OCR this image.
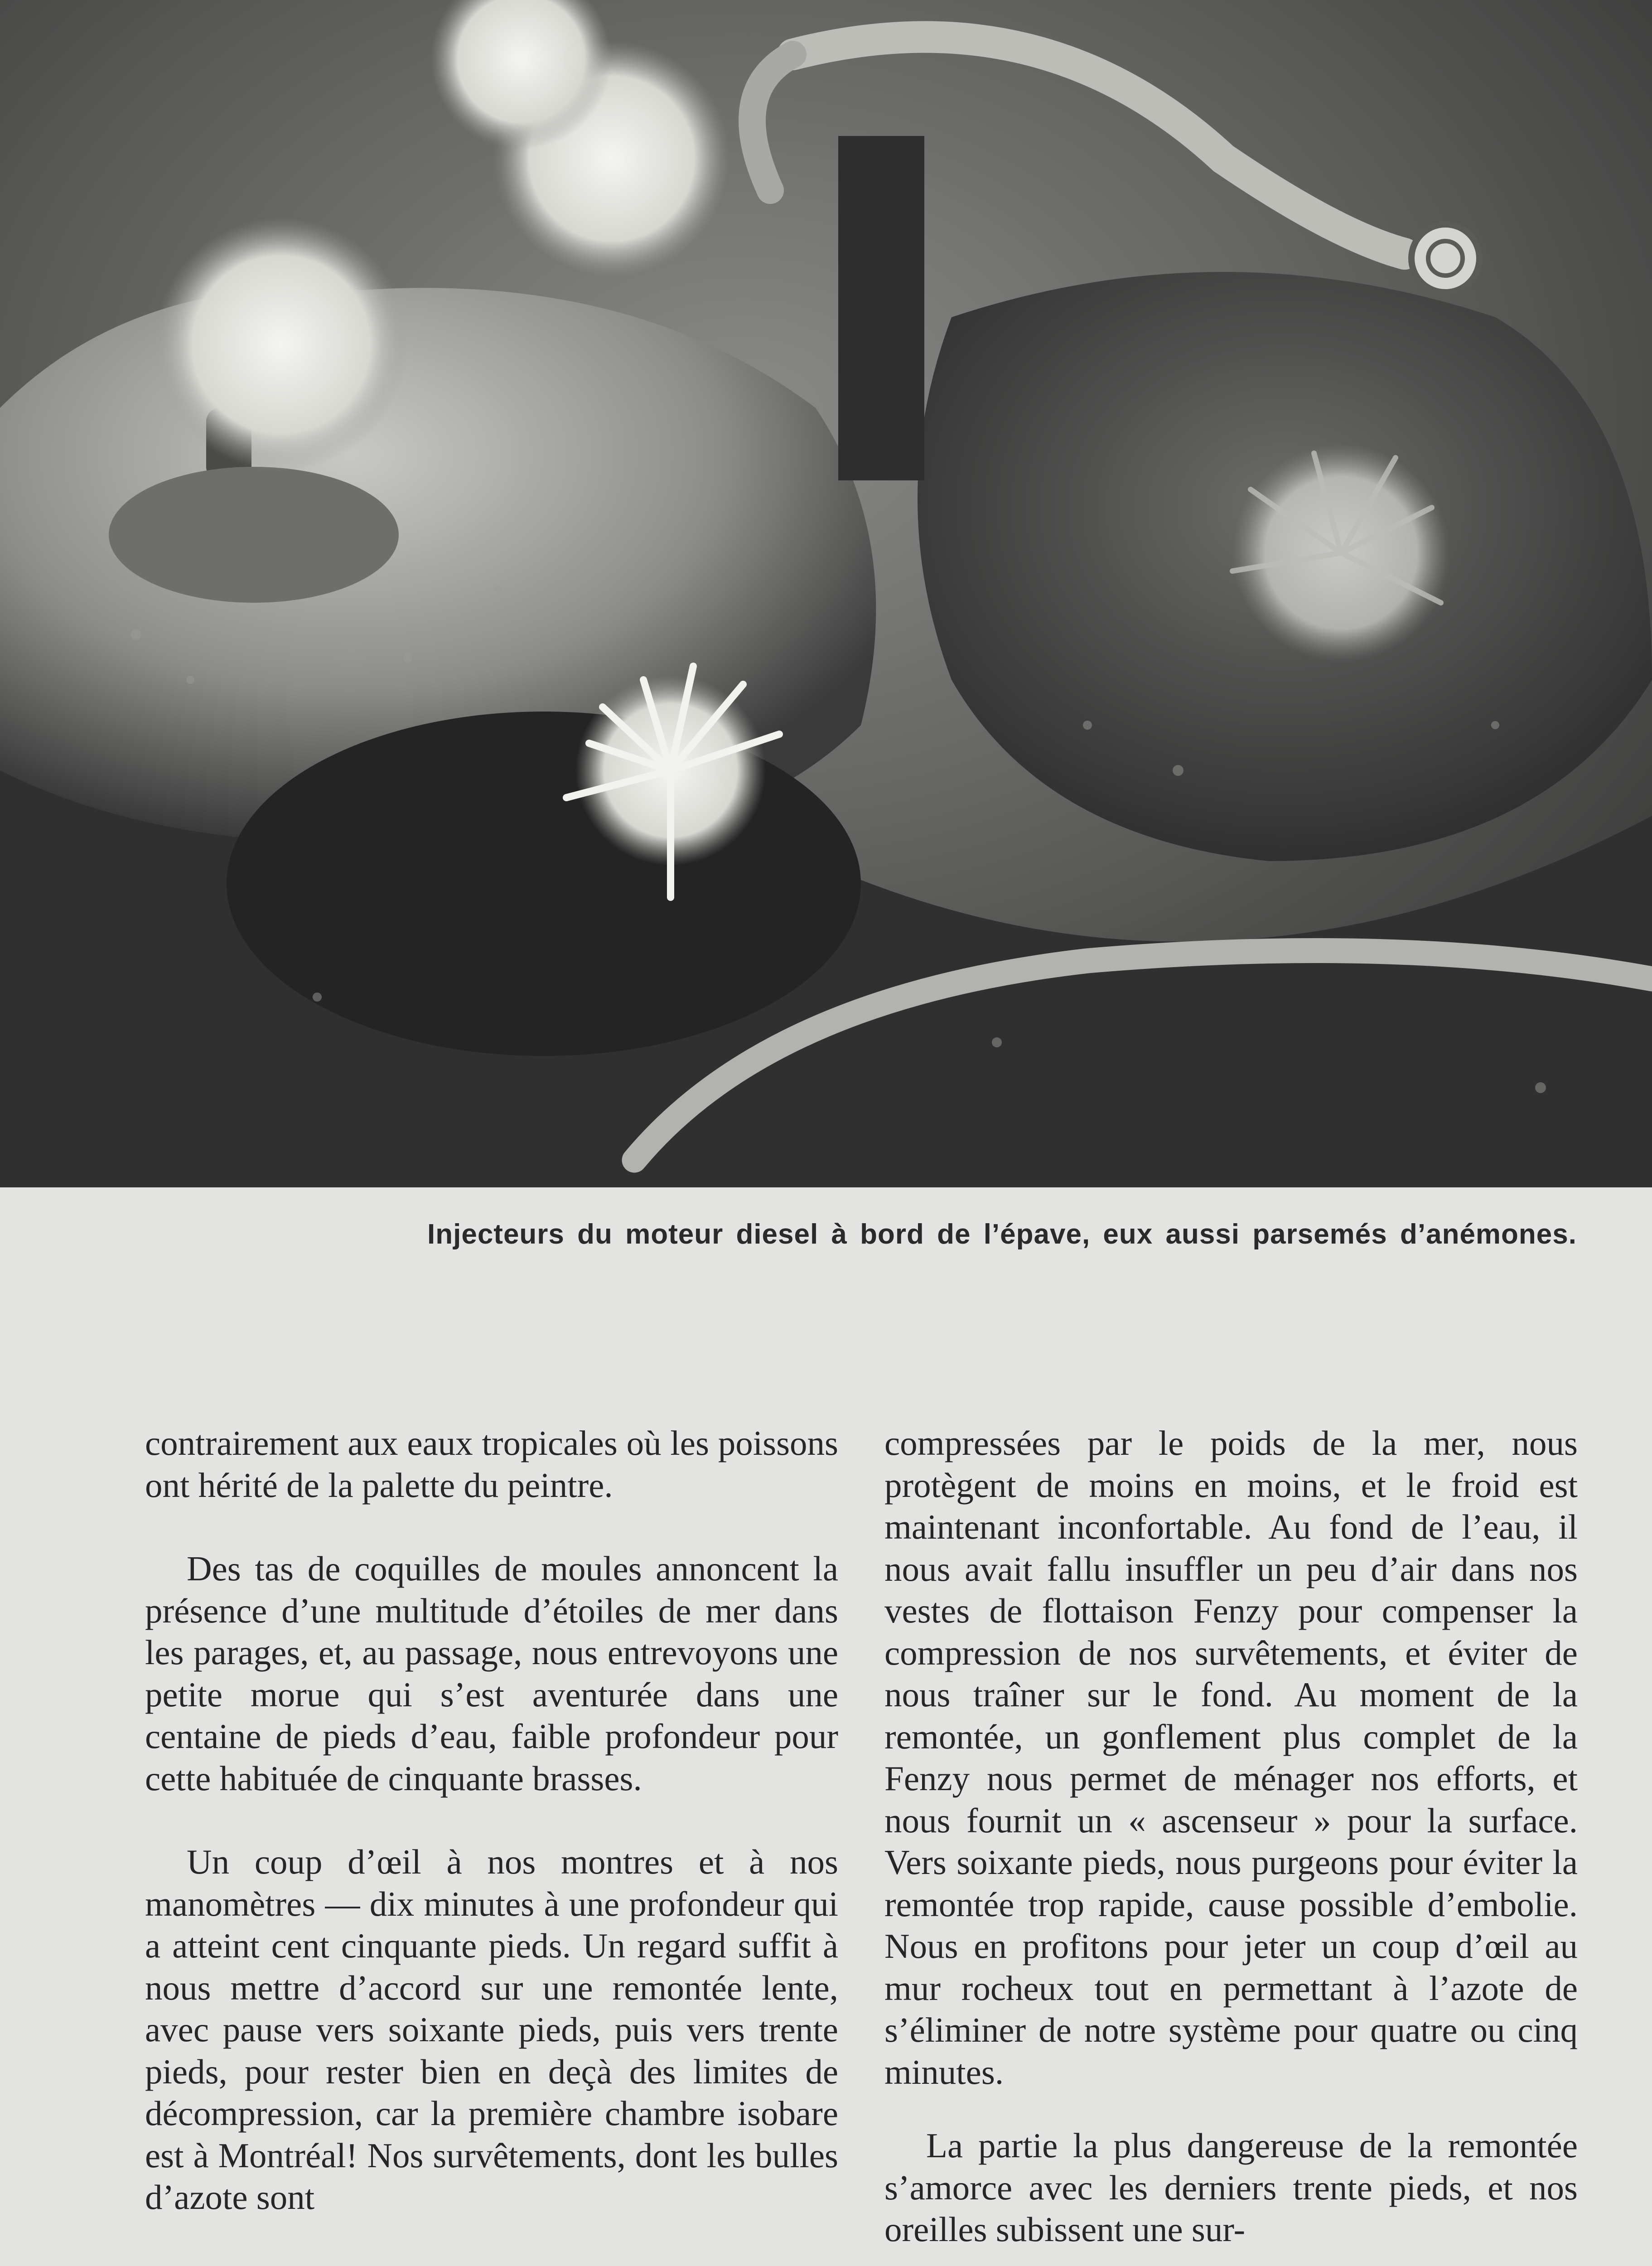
Injecteurs du moteur diesel à bord de l’épave, eux aussi parsemés d’anémones.

contrairement aux eaux tropicales où les poissons ont hérité de la palette du peintre.

Des tas de coquilles de moules annoncent la présence d’une multitude d’étoiles de mer dans les parages, et, au passage, nous entrevoyons une petite morue qui s’est aventurée dans une centaine de pieds d’eau, faible profondeur pour cette habituée de cinquante brasses.

Un coup d’œil à nos montres et à nos manomètres — dix minutes à une profondeur qui a atteint cent cinquante pieds. Un regard suffit à nous mettre d’accord sur une remontée lente, avec pause vers soixante pieds, puis vers trente pieds, pour rester bien en deçà des limites de décompression, car la première chambre isobare est à Montréal! Nos survêtements, dont les bulles d’azote sont

compressées par le poids de la mer, nous protègent de moins en moins, et le froid est maintenant inconfortable. Au fond de l’eau, il nous avait fallu insuffler un peu d’air dans nos vestes de flottaison Fenzy pour compenser la compression de nos survêtements, et éviter de nous traîner sur le fond. Au moment de la remontée, un gonflement plus complet de la Fenzy nous permet de ménager nos efforts, et nous fournit un « ascenseur » pour la surface. Vers soixante pieds, nous purgeons pour éviter la remontée trop rapide, cause possible d’embolie. Nous en profitons pour jeter un coup d’œil au mur rocheux tout en permettant à l’azote de s’éliminer de notre système pour quatre ou cinq minutes.

La partie la plus dangereuse de la remontée s’amorce avec les derniers trente pieds, et nos oreilles subissent une sur-
